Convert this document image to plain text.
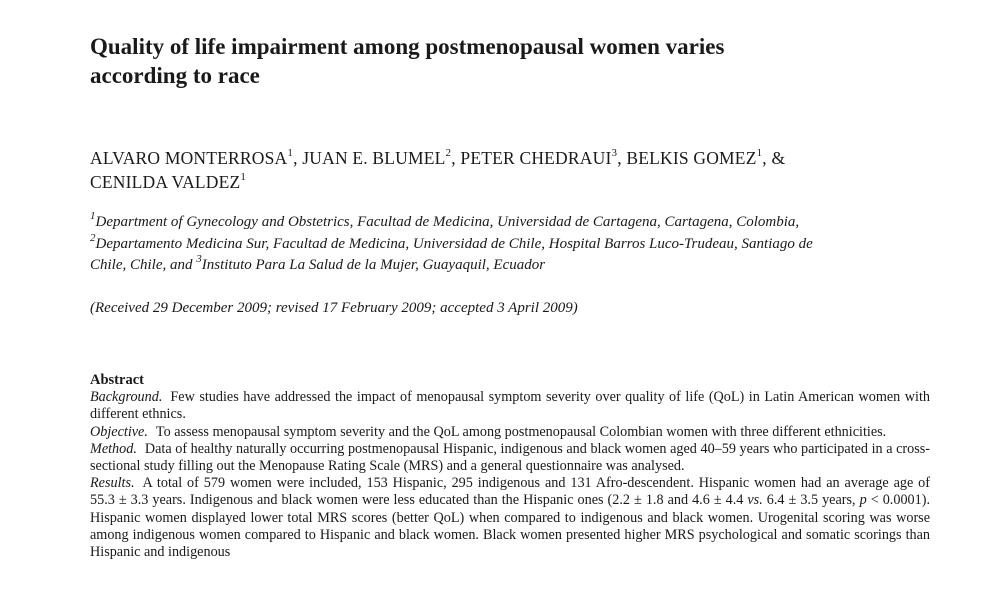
Quality of life impairment among postmenopausal women varies
according to race
ALVARO MONTERROSA$^1$, JUAN E. BLUMEL$^2$, PETER CHEDRAUI$^3$, BELKIS GOMEZ$^1$, &
CENILDA VALDEZ$^1$
$^1$Department of Gynecology and Obstetrics, Facultad de Medicina, Universidad de Cartagena, Cartagena, Colombia,
$^2$Departamento Medicina Sur, Facultad de Medicina, Universidad de Chile, Hospital Barros Luco-Trudeau, Santiago de
Chile, Chile, and $^3$Instituto Para La Salud de la Mujer, Guayaquil, Ecuador
(Received 29 December 2009; revised 17 February 2009; accepted 3 April 2009)
Abstract
Background. Few studies have addressed the impact of menopausal symptom severity over quality of life (QoL) in Latin American women with different ethnics.
Objective. To assess menopausal symptom severity and the QoL among postmenopausal Colombian women with three different ethnicities.
Method. Data of healthy naturally occurring postmenopausal Hispanic, indigenous and black women aged 40–59 years who participated in a cross-sectional study filling out the Menopause Rating Scale (MRS) and a general questionnaire was analysed.
Results. A total of 579 women were included, 153 Hispanic, 295 indigenous and 131 Afro-descendent. Hispanic women had an average age of 55.3 ± 3.3 years. Indigenous and black women were less educated than the Hispanic ones (2.2 ± 1.8 and 4.6 ± 4.4 vs. 6.4 ± 3.5 years, p < 0.0001). Hispanic women displayed lower total MRS scores (better QoL) when compared to indigenous and black women. Urogenital scoring was worse among indigenous women compared to Hispanic and black women. Black women presented higher MRS psychological and somatic scorings than Hispanic and indigenous
